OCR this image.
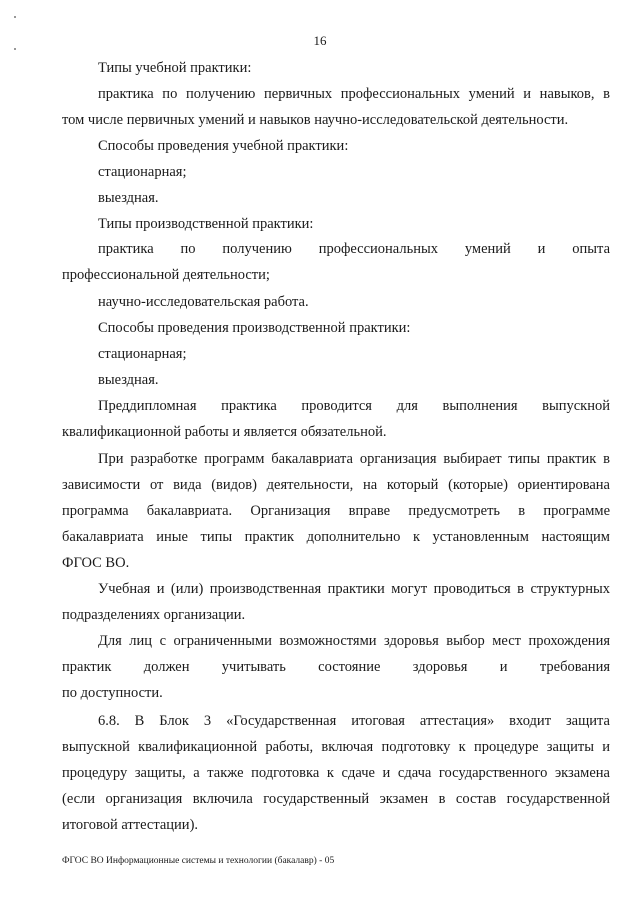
16
Типы учебной практики:
практика по получению первичных профессиональных умений и навыков, в
том числе первичных умений и навыков научно-исследовательской деятельности.
Способы проведения учебной практики:
стационарная;
выездная.
Типы производственной практики:
практика по получению профессиональных умений и опыта
профессиональной деятельности;
научно-исследовательская работа.
Способы проведения производственной практики:
стационарная;
выездная.
Преддипломная практика проводится для выполнения выпускной
квалификационной работы и является обязательной.
При разработке программ бакалавриата организация выбирает типы практик в
зависимости от вида (видов) деятельности, на который (которые) ориентирована
программа бакалавриата. Организация вправе предусмотреть в программе
бакалавриата иные типы практик дополнительно к установленным настоящим
ФГОС ВО.
Учебная и (или) производственная практики могут проводиться в структурных
подразделениях организации.
Для лиц с ограниченными возможностями здоровья выбор мест прохождения
практик должен учитывать состояние здоровья и требования
по доступности.
6.8. В Блок 3 «Государственная итоговая аттестация» входит защита
выпускной квалификационной работы, включая подготовку к процедуре защиты и
процедуру защиты, а также подготовка к сдаче и сдача государственного экзамена
(если организация включила государственный экзамен в состав государственной
итоговой аттестации).
ФГОС ВО Информационные системы и технологии (бакалавр) - 05
